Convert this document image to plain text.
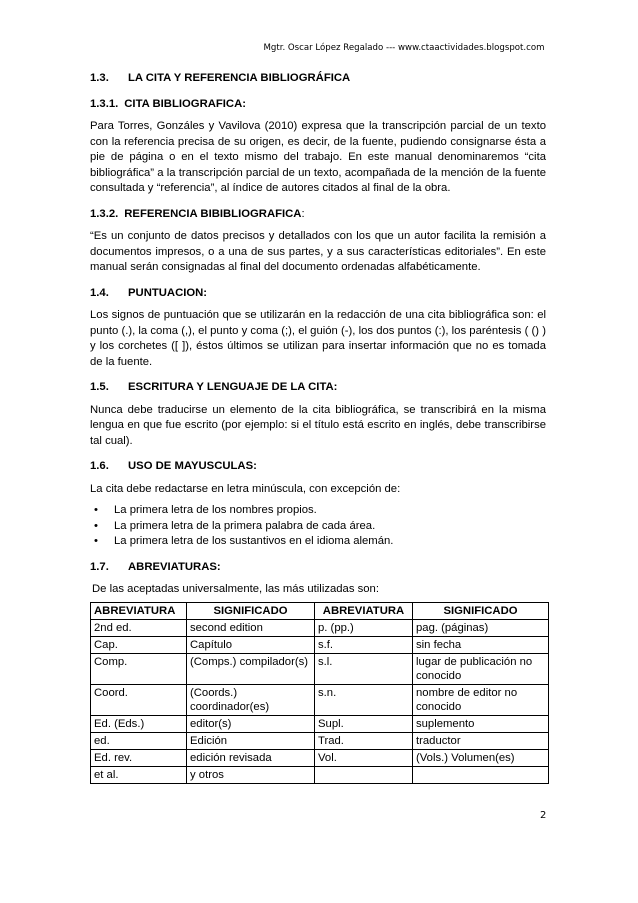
Mgtr. Oscar López Regalado --- www.ctaactividades.blogspot.com
1.3. LA CITA Y REFERENCIA BIBLIOGRÁFICA
1.3.1. CITA BIBLIOGRAFICA:

Para Torres, Gonzáles y Vavilova (2010) expresa que la transcripción parcial de un texto con la referencia precisa de su origen, es decir, de la fuente, pudiendo consignarse ésta a pie de página o en el texto mismo del trabajo. En este manual denominaremos “cita bibliográfica” a la transcripción parcial de un texto, acompañada de la mención de la fuente consultada y “referencia”, al índice de autores citados al final de la obra.

1.3.2. REFERENCIA BIBIBLIOGRAFICA:

“Es un conjunto de datos precisos y detallados con los que un autor facilita la remisión a documentos impresos, o a una de sus partes, y a sus características editoriales”. En este manual serán consignadas al final del documento ordenadas alfabéticamente.

1.4. PUNTUACION:

Los signos de puntuación que se utilizarán en la redacción de una cita bibliográfica son: el punto (.), la coma (,), el punto y coma (;), el guión (-), los dos puntos (:), los paréntesis ( () ) y los corchetes ([ ]), éstos últimos se utilizan para insertar información que no es tomada de la fuente.

1.5. ESCRITURA Y LENGUAJE DE LA CITA:

Nunca debe traducirse un elemento de la cita bibliográfica, se transcribirá en la misma lengua en que fue escrito (por ejemplo: si el título está escrito en inglés, debe transcribirse tal cual).

1.6. USO DE MAYUSCULAS:

La cita debe redactarse en letra minúscula, con excepción de:

• La primera letra de los nombres propios.
• La primera letra de la primera palabra de cada área.
• La primera letra de los sustantivos en el idioma alemán.
1.7. ABREVIATURAS:

De las aceptadas universalmente, las más utilizadas son:

ABREVIATURA	SIGNIFICADO	ABREVIATURA	SIGNIFICADO
2nd ed.	second edition	p. (pp.)	pag. (páginas)
Cap.	Capítulo	s.f.	sin fecha
Comp.	(Comps.) compilador(s)	s.l.	lugar de publicación no conocido
Coord.	(Coords.) coordinador(es)	s.n.	nombre de editor no conocido
Ed. (Eds.)	editor(s)	Supl.	suplemento
ed.	Edición	Trad.	traductor
Ed. rev.	edición revisada	Vol.	(Vols.) Volumen(es)
et al.	y otros		
2
